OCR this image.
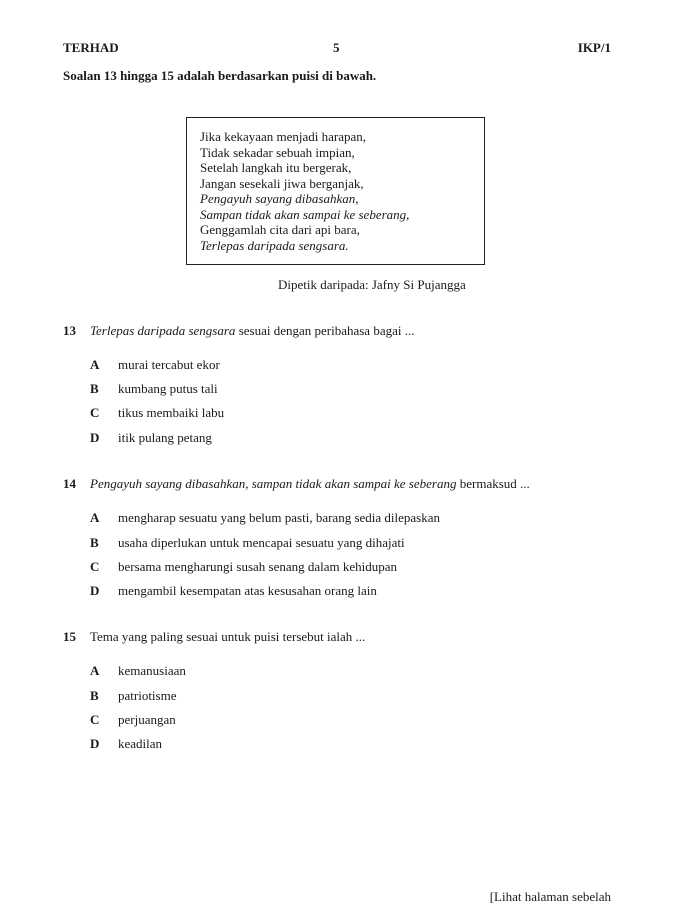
TERHAD	5	IKP/1
Soalan 13 hingga 15 adalah berdasarkan puisi di bawah.
Jika kekayaan menjadi harapan,
Tidak sekadar sebuah impian,
Setelah langkah itu bergerak,
Jangan sesekali jiwa berganjak,
Pengayuh sayang dibasahkan,
Sampan tidak akan sampai ke seberang,
Genggamlah cita dari api bara,
Terlepas daripada sengsara.
Dipetik daripada: Jafny Si Pujangga
13 Terlepas daripada sengsara sesuai dengan peribahasa bagai ...
A murai tercabut ekor
B kumbang putus tali
C tikus membaiki labu
D itik pulang petang
14 Pengayuh sayang dibasahkan, sampan tidak akan sampai ke seberang bermaksud ...
A mengharap sesuatu yang belum pasti, barang sedia dilepaskan
B usaha diperlukan untuk mencapai sesuatu yang dihajati
C bersama mengharungi susah senang dalam kehidupan
D mengambil kesempatan atas kesusahan orang lain
15 Tema yang paling sesuai untuk puisi tersebut ialah ...
A kemanusiaan
B patriotisme
C perjuangan
D keadilan
[Lihat halaman sebelah
